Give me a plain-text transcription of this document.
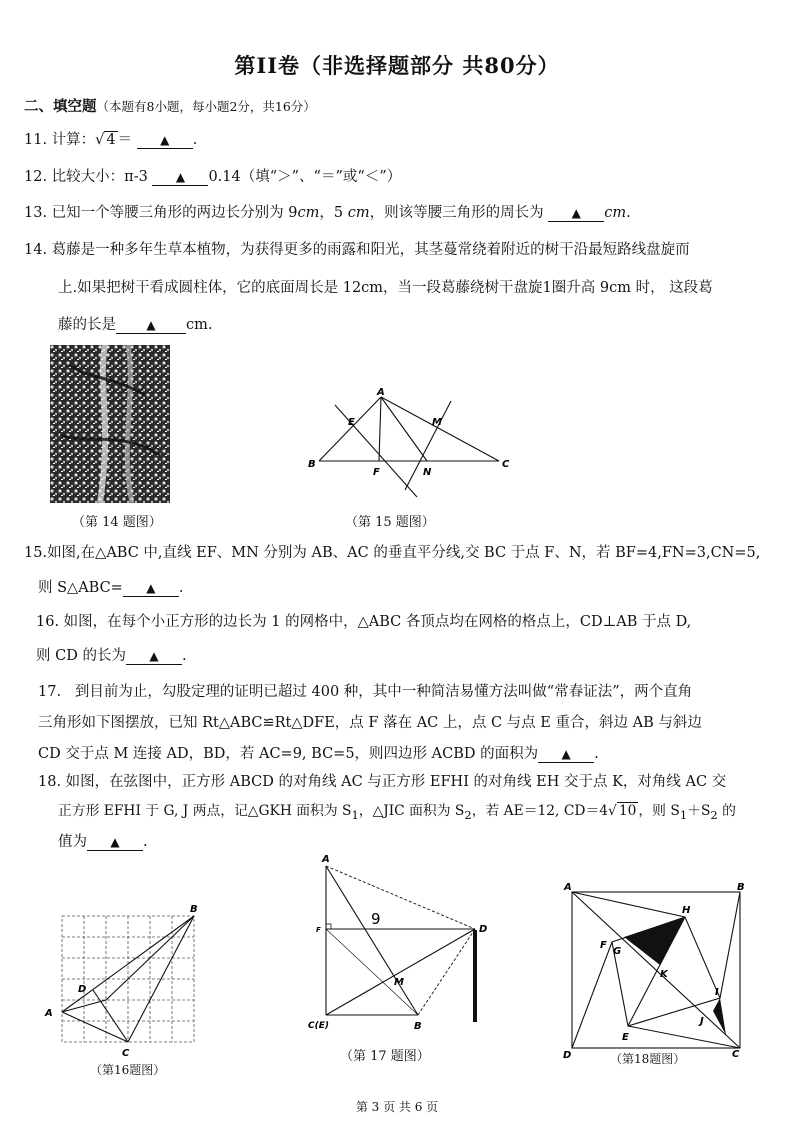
第II卷（非选择题部分 共80分）
二、填空题（本题有8小题，每小题2分，共16分）
11. 计算：√ 4 ＝ ▲ .
12. 比较大小：π-3 ▲ 0.14（填“＞”、“＝”或“＜”）
13. 已知一个等腰三角形的两边长分别为 9cm，5 cm，则该等腰三角形的周长为 ▲ cm.
14. 葛藤是一种多年生草本植物，为获得更多的雨露和阳光，其茎蔓常绕着附近的树干沿最短路线盘旋而
上.如果把树干看成圆柱体，它的底面周长是 12cm，当一段葛藤绕树干盘旋1圈升高 9cm 时， 这段葛
藤的长是	▲ cm.
（第 14 题图）
A
B	C
E
F
M
N
（第 15 题图）
15.如图,在△ABC 中,直线 EF、MN 分别为 AB、AC 的垂直平分线,交 BC 于点 F、N，若 BF=4,FN=3,CN=5,
则 S△ABC= ▲ .
16. 如图，在每个小正方形的边长为 1 的网格中，△ABC 各顶点均在网格的格点上，CD⊥AB 于点 D,
则 CD 的长为 ▲ .
17. 到目前为止，勾股定理的证明已超过 400 种，其中一种简洁易懂方法叫做“常春证法”，两个直角
三角形如下图摆放，已知 Rt△ABC≌Rt△DFE，点 F 落在 AC 上，点 C 与点 E 重合，斜边 AB 与斜边
CD 交于点 M 连接 AD，BD，若 AC=9, BC=5，则四边形 ACBD 的面积为 ▲ .
18. 如图，在弦图中，正方形 ABCD 的对角线 AC 与正方形 EFHI 的对角线 EH 交于点 K，对角线 AC 交
正方形 EFHI 于 G, J 两点，记△GKH 面积为 $S_1$，△JIC 面积为 $S_2$，若 AE＝12, CD＝4√ 10 ，则 $S_1+S_2$ 的
值为 ▲ .
A
B
C
D
（第16题图）
A
B
C(E)
D
M
F
9
（第 17 题图）
A	B
C
D
E
F
G
H
I
J
K
（第18题图）
第 3 页 共 6 页
